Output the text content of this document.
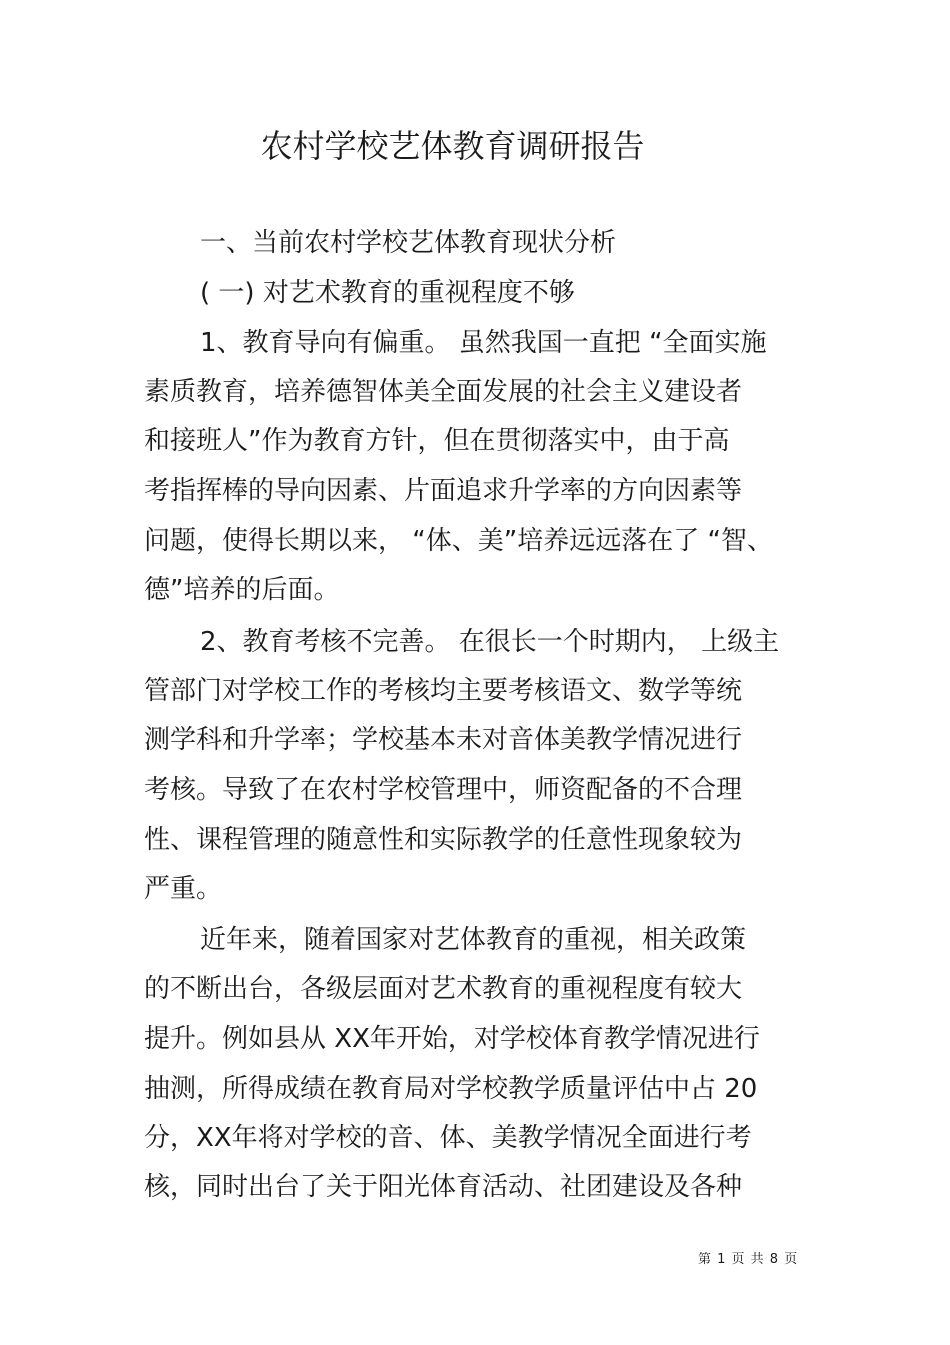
农村学校艺体教育调研报告
一、当前农村学校艺体教育现状分析
( 一) 对艺术教育的重视程度不够
1、教育导向有偏重。 虽然我国一直把 “全面实施
素质教育，培养德智体美全面发展的社会主义建设者
和接班人”作为教育方针，但在贯彻落实中，由于高
考指挥棒的导向因素、片面追求升学率的方向因素等
问题，使得长期以来， “体、美”培养远远落在了 “智、
德”培养的后面。
2、教育考核不完善。 在很长一个时期内， 上级主
管部门对学校工作的考核均主要考核语文、数学等统
测学科和升学率；学校基本未对音体美教学情况进行
考核。导致了在农村学校管理中，师资配备的不合理
性、课程管理的随意性和实际教学的任意性现象较为
严重。
近年来，随着国家对艺体教育的重视，相关政策
的不断出台，各级层面对艺术教育的重视程度有较大
提升。例如县从 XX年开始，对学校体育教学情况进行
抽测，所得成绩在教育局对学校教学质量评估中占 20
分，XX年将对学校的音、体、美教学情况全面进行考
核，同时出台了关于阳光体育活动、社团建设及各种
第 1 页 共 8 页
